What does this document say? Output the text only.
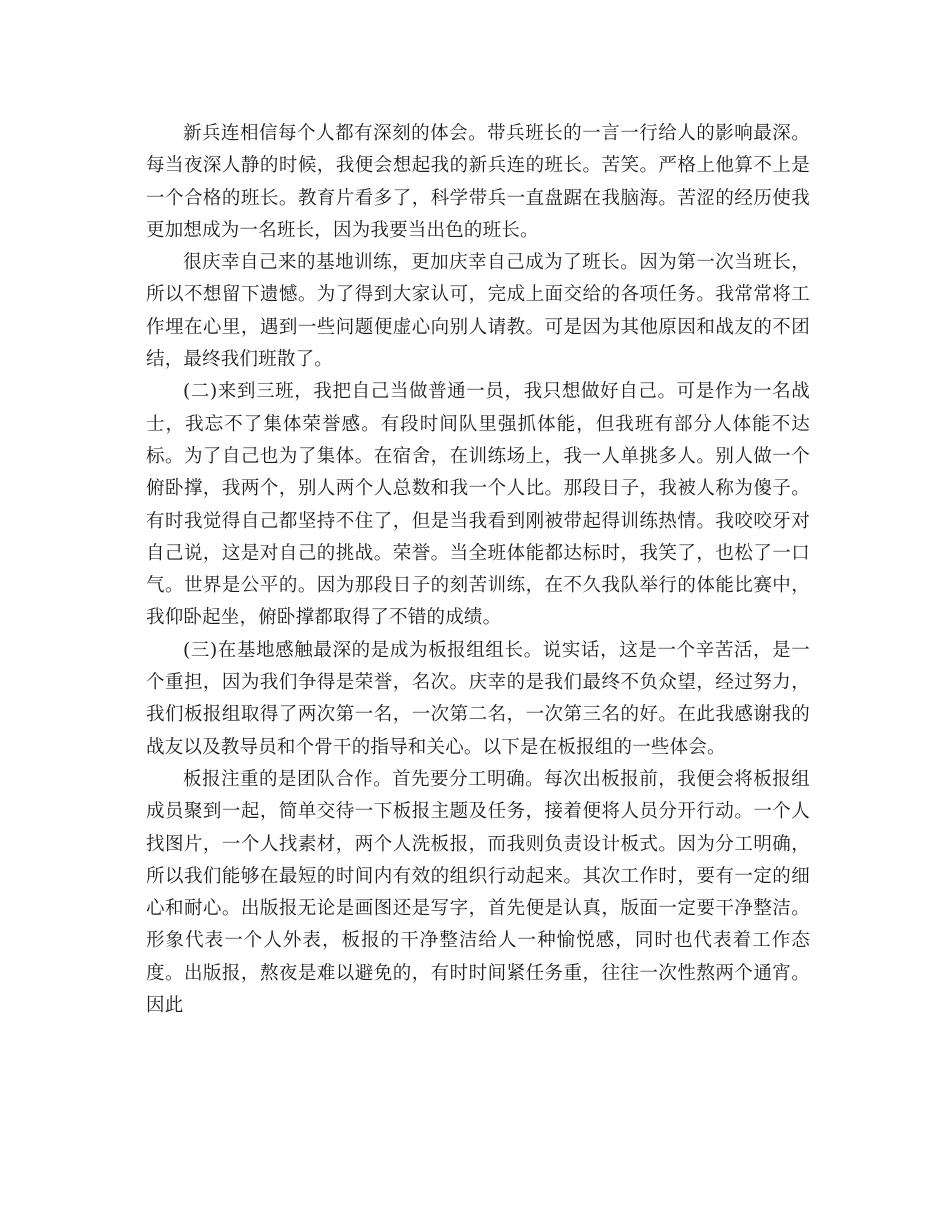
新兵连相信每个人都有深刻的体会。带兵班长的一言一行给人的影响最深。每当夜深人静的时候，我便会想起我的新兵连的班长。苦笑。严格上他算不上是一个合格的班长。教育片看多了，科学带兵一直盘踞在我脑海。苦涩的经历使我更加想成为一名班长，因为我要当出色的班长。

很庆幸自己来的基地训练，更加庆幸自己成为了班长。因为第一次当班长，所以不想留下遗憾。为了得到大家认可，完成上面交给的各项任务。我常常将工作埋在心里，遇到一些问题便虚心向别人请教。可是因为其他原因和战友的不团结，最终我们班散了。

(二)来到三班，我把自己当做普通一员，我只想做好自己。可是作为一名战士，我忘不了集体荣誉感。有段时间队里强抓体能，但我班有部分人体能不达标。为了自己也为了集体。在宿舍，在训练场上，我一人单挑多人。别人做一个俯卧撑，我两个，别人两个人总数和我一个人比。那段日子，我被人称为傻子。有时我觉得自己都坚持不住了，但是当我看到刚被带起得训练热情。我咬咬牙对自己说，这是对自己的挑战。荣誉。当全班体能都达标时，我笑了，也松了一口气。世界是公平的。因为那段日子的刻苦训练，在不久我队举行的体能比赛中，我仰卧起坐，俯卧撑都取得了不错的成绩。

(三)在基地感触最深的是成为板报组组长。说实话，这是一个辛苦活，是一个重担，因为我们争得是荣誉，名次。庆幸的是我们最终不负众望，经过努力，我们板报组取得了两次第一名，一次第二名，一次第三名的好。在此我感谢我的战友以及教导员和个骨干的指导和关心。以下是在板报组的一些体会。

板报注重的是团队合作。首先要分工明确。每次出板报前，我便会将板报组成员聚到一起，简单交待一下板报主题及任务，接着便将人员分开行动。一个人找图片，一个人找素材，两个人洗板报，而我则负责设计板式。因为分工明确，所以我们能够在最短的时间内有效的组织行动起来。其次工作时，要有一定的细心和耐心。出版报无论是画图还是写字，首先便是认真，版面一定要干净整洁。形象代表一个人外表，板报的干净整洁给人一种愉悦感，同时也代表着工作态度。出版报，熬夜是难以避免的，有时时间紧任务重，往往一次性熬两个通宵。因此
